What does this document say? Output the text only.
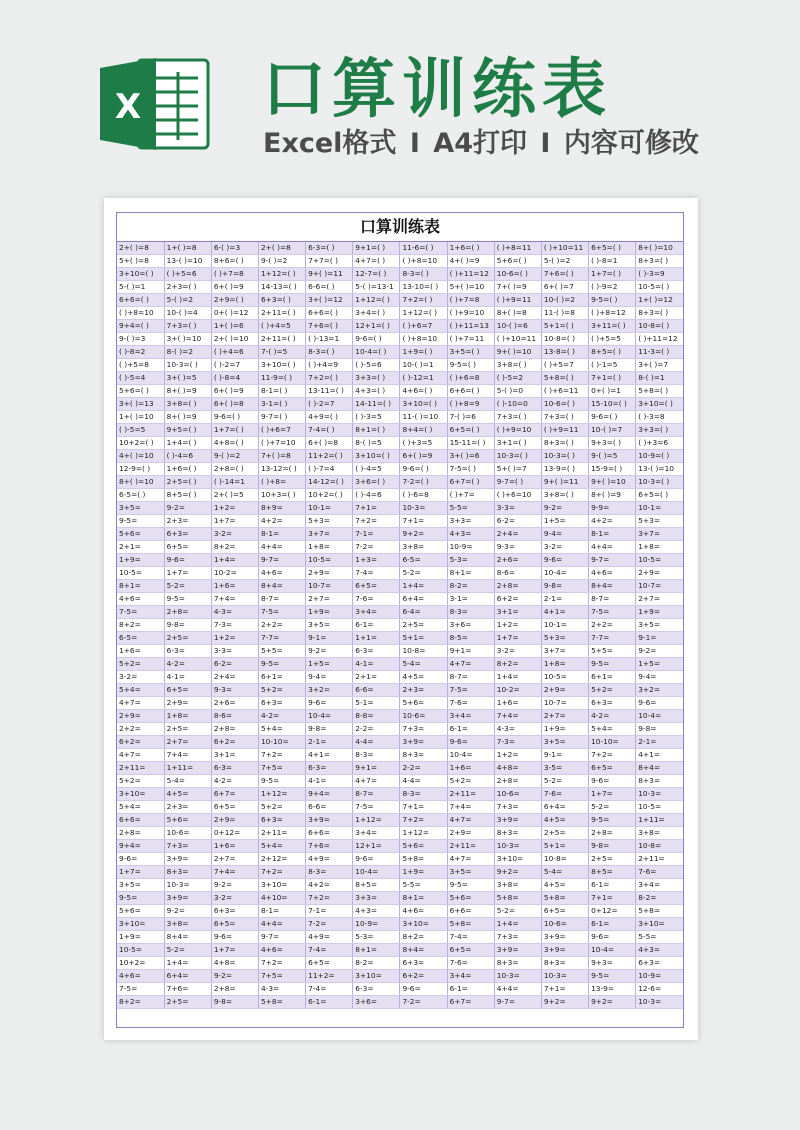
X 口算训练表
Excel格式 I A4打印 I 内容可修改
口算训练表
2+( )=8	1+( )=8	6-( )=3	2+( )=8	6-3=( )	9+1=( )	11-6=( )	1+6=( )	( )+8=11	( )+10=11	6+5=( )	8+( )=10
5+( )=8	13-( )=10	8+6=( )	9-( )=2	7+7=( )	4+7=( )	( )+8=10	4+( )=9	5+6=( )	5-( )=2	( )-8=1	8+3=( )
3+10=( )	( )+5=6	( )+7=8	1+12=( )	9+( )=11	12-7=( )	8-3=( )	( )+11=12	10-6=( )	7+6=( )	1+7=( )	( )-3=9
5-( )=1	2+3=( )	6+( )=9	14-13=( )	6-6=( )	5-( )=13-1	13-10=( )	5+( )=10	7+( )=9	6+( )=7	( )-9=2	10-5=( )
6+6=( )	5-( )=2	2+9=( )	6+3=( )	3+( )=12	1+12=( )	7+2=( )	( )+7=8	( )+9=11	10-( )=2	9-5=( )	1+( )=12
( )+8=10	10-( )=4	0+( )=12	2+11=( )	6+6=( )	3+4=( )	1+12=( )	( )+9=10	8+( )=8	11-( )=8	( )+8=12	8+3=( )
9+4=( )	7+3=( )	1+( )=6	( )+4=5	7+6=( )	12+1=( )	( )+6=7	( )+11=13	10-( )=6	5+1=( )	3+11=( )	10-8=( )
9-( )=3	3+( )=10	2+( )=10	2+11=( )	( )-13=1	9-6=( )	( )+8=10	( )+7=11	( )+10=11	10-8=( )	( )+5=5	( )+11=12
( )-8=2	8-( )=2	( )+4=6	7-( )=5	8-3=( )	10-4=( )	1+9=( )	3+5=( )	9+( )=10	13-8=( )	8+5=( )	11-3=( )
( )+5=8	10-3=( )	( )-2=7	3+10=( )	( )+4=9	( )-5=6	10-( )=1	9-5=( )	3+8=( )	( )+5=7	( )-1=5	3+( )=7
( )-5=4	3+( )=5	( )-8=4	11-9=( )	7+2=( )	3+3=( )	( )-12=1	( )+6=8	( )-5=2	5+8=( )	7+1=( )	8-( )=1
5+6=( )	8+( )=9	6+( )=9	8-1=( )	13-11=( )	4+3=( )	4+6=( )	6+6=( )	5-( )=0	( )+6=11	0+( )=1	5+8=( )
3+( )=13	3+8=( )	6+( )=8	3-1=( )	( )-2=7	14-11=( )	3+10=( )	( )+8=9	( )-10=0	10-6=( )	15-10=( )	3+10=( )
1+( )=10	8+( )=9	9-6=( )	9-7=( )	4+9=( )	( )-3=5	11-( )=10	7-( )=6	7+3=( )	7+3=( )	9-6=( )	( )-3=8
( )-5=5	9+5=( )	1+7=( )	( )+6=7	7-4=( )	8+1=( )	8+4=( )	6+5=( )	( )+9=10	( )+9=11	10-( )=7	3+3=( )
10+2=( )	1+4=( )	4+8=( )	( )+7=10	6+( )=8	8-( )=5	( )+3=5	15-11=( )	3+1=( )	8+3=( )	9+3=( )	( )+3=6
4+( )=10	( )-4=6	9-( )=2	7+( )=8	11+2=( )	3+10=( )	6+( )=9	3+( )=6	10-3=( )	10-3=( )	9-( )=5	10-9=( )
12-9=( )	1+6=( )	2+8=( )	13-12=( )	( )-7=4	( )-4=5	9-6=( )	7-5=( )	5+( )=7	13-9=( )	15-9=( )	13-( )=10
8+( )=10	2+5=( )	( )-14=1	( )+8=	14-12=( )	3+6=( )	7-2=( )	6+7=( )	9-7=( )	9+( )=11	9+( )=10	10-3=( )
6-5=( )	8+5=( )	2+( )=5	10+3=( )	10+2=( )	( )-4=6	( )-6=8	( )+7=	( )+6=10	3+8=( )	8+( )=9	6+5=( )
3+5=	9-2=	1+2=	8+9=	10-1=	7+1=	10-3=	5-5=	3-3=	9-2=	9-9=	10-1=
9-5=	2+3=	1+7=	4+2=	5+3=	7+2=	7+1=	3+3=	6-2=	1+5=	4+2=	5+3=
5+6=	6+3=	3-2=	8-1=	3+7=	7-1=	9+2=	4+3=	2+4=	9-4=	8-1=	3+7=
2+1=	6+5=	8+2=	4+4=	1+8=	7-2=	3+8=	10-9=	9-3=	3-2=	4+4=	1+8=
1+9=	9-6=	1+4=	9-7=	10-5=	1+3=	6-5=	5-3=	2+6=	9-6=	9-7=	10-5=
10-5=	1+7=	10-2=	4+6=	2+9=	7-4=	5-2=	8+1=	8-6=	10-4=	4+6=	2+9=
8+1=	5-2=	1+6=	8+4=	10-7=	6+5=	1+4=	8-2=	2+8=	9-8=	8+4=	10-7=
4+6=	9-5=	7+4=	8-7=	2+7=	7-6=	6+4=	3-1=	6+2=	2-1=	8-7=	2+7=
7-5=	2+8=	4-3=	7-5=	1+9=	3+4=	6-4=	8-3=	3+1=	4+1=	7-5=	1+9=
8+2=	9-8=	7-3=	2+2=	3+5=	6-1=	2+5=	3+6=	1+2=	10-1=	2+2=	3+5=
6-5=	2+5=	1+2=	7-7=	9-1=	1+1=	5+1=	8-5=	1+7=	5+3=	7-7=	9-1=
1+6=	6-3=	3-3=	5+5=	9-2=	6-3=	10-8=	9+1=	3-2=	3+7=	5+5=	9-2=
5+2=	4-2=	6-2=	9-5=	1+5=	4-1=	5-4=	4+7=	8+2=	1+8=	9-5=	1+5=
3-2=	4-1=	2+4=	6+1=	9-4=	2+1=	4+5=	8-7=	1+4=	10-5=	6+1=	9-4=
5+4=	6+5=	9-3=	5+2=	3+2=	6-6=	2+3=	7-5=	10-2=	2+9=	5+2=	3+2=
4+7=	2+9=	2+6=	6+3=	9-6=	5-1=	5+6=	7-6=	1+6=	10-7=	6+3=	9-6=
2+9=	1+8=	8-6=	4-2=	10-4=	8-8=	10-6=	3+4=	7+4=	2+7=	4-2=	10-4=
2+2=	2+5=	2+8=	5+4=	9-8=	2-2=	7+3=	6-1=	4-3=	1+9=	5+4=	9-8=
6+2=	2+7=	6+2=	10-10=	2-1=	4-4=	3+9=	9-6=	7-3=	3+5=	10-10=	2-1=
4+7=	7+4=	3+1=	7+2=	4+1=	8-3=	8+3=	10-4=	1+2=	9-1=	7+2=	4+1=
2+11=	1+11=	6-3=	7+5=	6-3=	9+1=	2-2=	1+6=	4+8=	3-5=	6+5=	8+4=
5+2=	5-4=	4-2=	9-5=	4-1=	4+7=	4-4=	5+2=	2+8=	5-2=	9-6=	8+3=
3+10=	4+5=	6+7=	1+12=	9+4=	8-7=	8-3=	2+11=	10-6=	7-6=	1+7=	10-3=
5+4=	2+3=	6+5=	5+2=	6-6=	7-5=	7+1=	7+4=	7+3=	6+4=	5-2=	10-5=
6+6=	5+6=	2+9=	6+3=	3+9=	1+12=	7+2=	4+7=	3+9=	4+5=	9-5=	1+11=
2+8=	10-6=	0+12=	2+11=	6+6=	3+4=	1+12=	2+9=	8+3=	2+5=	2+8=	3+8=
9+4=	7+3=	1+6=	5+4=	7+6=	12+1=	5+6=	2+11=	10-3=	5+1=	9-8=	10-8=
9-6=	3+9=	2+7=	2+12=	4+9=	9-6=	5+8=	4+7=	3+10=	10-8=	2+5=	2+11=
1+7=	8+3=	7+4=	7+2=	8-3=	10-4=	1+9=	3+5=	9+2=	5-4=	8+5=	7-6=
3+5=	10-3=	9-2=	3+10=	4+2=	8+5=	5-5=	9-5=	3+8=	4+5=	6-1=	3+4=
9-5=	3+9=	3-2=	4+10=	7+2=	3+3=	8+1=	5+6=	5+8=	5+8=	7+1=	8-2=
5+6=	9-2=	6+3=	8-1=	7-1=	4+3=	4+6=	6+6=	5-2=	6+5=	0+12=	5+8=
3+10=	3+8=	6+5=	4+4=	7-2=	10-9=	3+10=	5+8=	1+4=	10-6=	6-1=	3+10=
1+9=	8+4=	9-6=	9-7=	4+9=	5-3=	8+2=	7-4=	7+3=	3+9=	9-6=	5-5=
10-5=	5-2=	1+7=	4+6=	7-4=	8+1=	8+4=	6+5=	3+9=	3+9=	10-4=	4+3=
10+2=	1+4=	4+8=	7+2=	6+5=	8-2=	6+3=	7-6=	8+3=	8+3=	9+3=	6+3=
4+6=	6+4=	9-2=	7+5=	11+2=	3+10=	6+2=	3+4=	10-3=	10-3=	9-5=	10-9=
7-5=	7+6=	2+8=	4-3=	7-4=	6-3=	9-6=	6-1=	4+4=	7+1=	13-9=	12-6=
8+2=	2+5=	9-8=	5+8=	6-1=	3+6=	7-2=	6+7=	9-7=	9+2=	9+2=	10-3=
